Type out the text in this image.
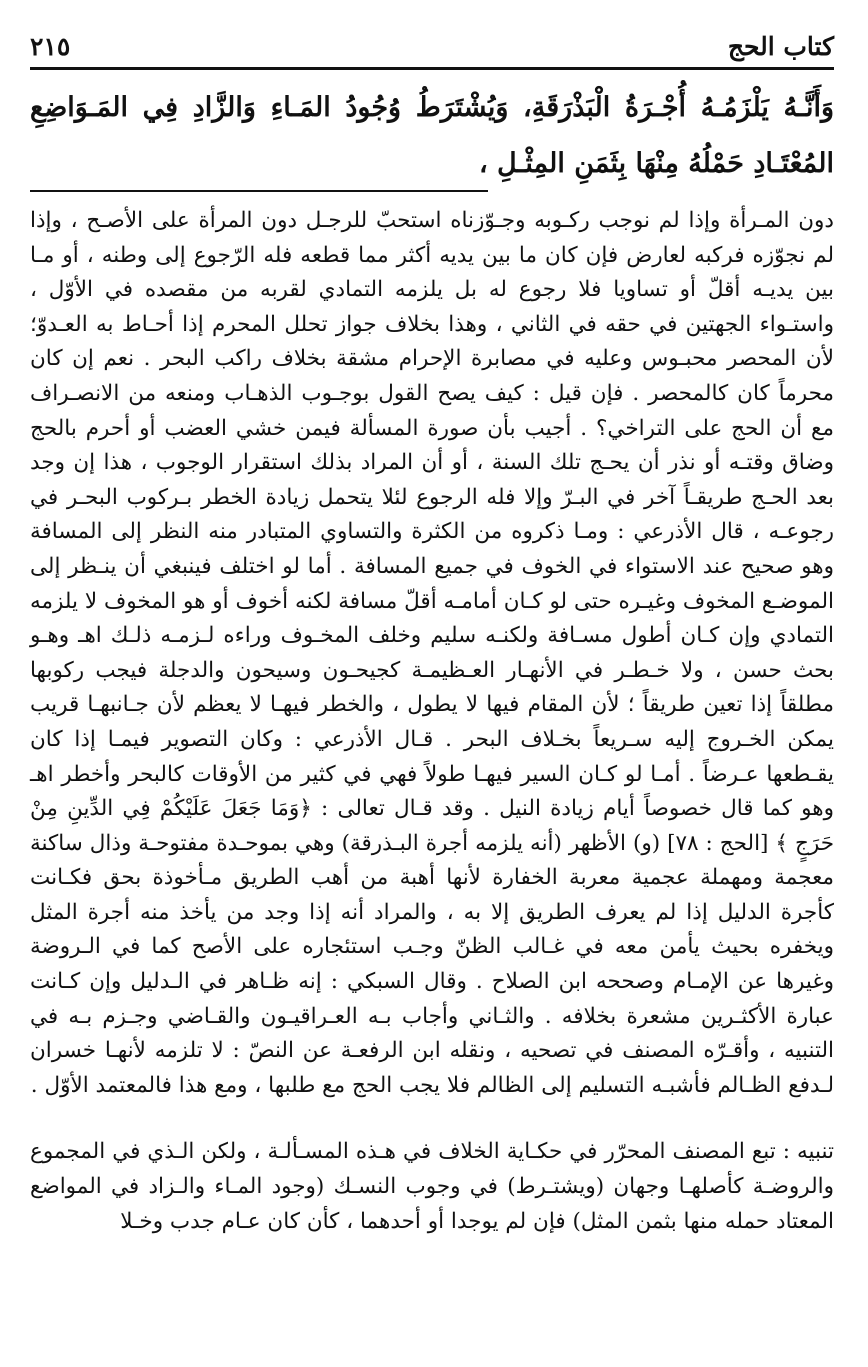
كتاب الحج
٢١٥
وَأَنَّـهُ يَلْزَمُـهُ أُجْـرَةُ الْبَذْرَقَةِ، وَيُشْتَرَطُ وُجُودُ المَـاءِ وَالزَّادِ فِي المَـوَاضِعِ المُعْتَـادِ حَمْلُهُ مِنْهَا بِثَمَنِ المِثْـلِ ،

دون المـرأة وإذا لم نوجب ركـوبه وجـوّزناه استحبّ للرجـل دون المرأة على الأصـح ، وإذا لم نجوّزه فركبه لعارض فإن كان ما بين يديه أكثر مما قطعه فله الرّجوع إلى وطنه ، أو مـا بين يديـه أقلّ أو تساويا فلا رجوع له بل يلزمه التمادي لقربه من مقصده في الأوّل ، واستـواء الجهتين في حقه في الثاني ، وهذا بخلاف جواز تحلل المحرم إذا أحـاط به العـدوّ؛ لأن المحصر محبـوس وعليه في مصابرة الإحرام مشقة بخلاف راكب البحر . نعم إن كان محرماً كان كالمحصر . فإن قيل : كيف يصح القول بوجـوب الذهـاب ومنعه من الانصـراف مع أن الحج على التراخي؟ . أجيب بأن صورة المسألة فيمن خشي العضب أو أحرم بالحج وضاق وقتـه أو نذر أن يحـج تلك السنة ، أو أن المراد بذلك استقرار الوجوب ، هذا إن وجد بعد الحـج طريقـاً آخر في البـرّ وإلا فله الرجوع لئلا يتحمل زيادة الخطر بـركوب البحـر في رجوعـه ، قال الأذرعي : ومـا ذكروه من الكثرة والتساوي المتبادر منه النظر إلى المسافة وهو صحيح عند الاستواء في الخوف في جميع المسافة . أما لو اختلف فينبغي أن ينـظر إلى الموضـع المخوف وغيـره حتى لو كـان أمامـه أقلّ مسافة لكنه أخوف أو هو المخوف لا يلزمه التمادي وإن كـان أطول مسـافة ولكنـه سليم وخلف المخـوف وراءه لـزمـه ذلـك اهـ وهـو بحث حسن ، ولا خـطـر في الأنهـار العـظيمـة كجيحـون وسيحون والدجلة فيجب ركوبها مطلقاً إذا تعين طريقاً ؛ لأن المقام فيها لا يطول ، والخطر فيهـا لا يعظم لأن جـانبهـا قريب يمكن الخـروج إليه سـريعاً بخـلاف البحر . قـال الأذرعي : وكان التصوير فيمـا إذا كان يقـطعها عـرضاً . أمـا لو كـان السير فيهـا طولاً فهي في كثير من الأوقات كالبحر وأخطر اهـ وهو كما قال خصوصاً أيام زيادة النيل . وقد قـال تعالى : ﴿وَمَا جَعَلَ عَلَيْكُمْ فِي الدِّينِ مِنْ حَرَجٍ ﴾ [الحج : ٧٨] (و) الأظهر (أنه يلزمه أجرة البـذرقة) وهي بموحـدة مفتوحـة وذال ساكنة معجمة ومهملة عجمية معربة الخفارة لأنها أهبة من أهب الطريق مـأخوذة بحق فكـانت كأجرة الدليل إذا لم يعرف الطريق إلا به ، والمراد أنه إذا وجد من يأخذ منه أجرة المثل ويخفره بحيث يأمن معه في غـالب الظنّ وجـب استئجاره على الأصح كما في الـروضة وغيرها عن الإمـام وصححه ابن الصلاح . وقال السبكي : إنه ظـاهر في الـدليل وإن كـانت عبارة الأكثـرين مشعرة بخلافه . والثـاني وأجاب بـه العـراقيـون والقـاضي وجـزم بـه في التنبيه ، وأقـرّه المصنف في تصحيه ، ونقله ابن الرفعـة عن النصّ : لا تلزمه لأنهـا خسران لـدفع الظـالم فأشبـه التسليم إلى الظالم فلا يجب الحج مع طلبها ، ومع هذا فالمعتمد الأوّل .

تنبيه : تبع المصنف المحرّر في حكـاية الخلاف في هـذه المسـألـة ، ولكن الـذي في المجموع والروضـة كأصلهـا وجهان (ويشتـرط) في وجوب النسـك (وجود المـاء والـزاد في المواضع المعتاد حمله منها بثمن المثل) فإن لم يوجدا أو أحدهما ، كأن كان عـام جدب وخـلا
